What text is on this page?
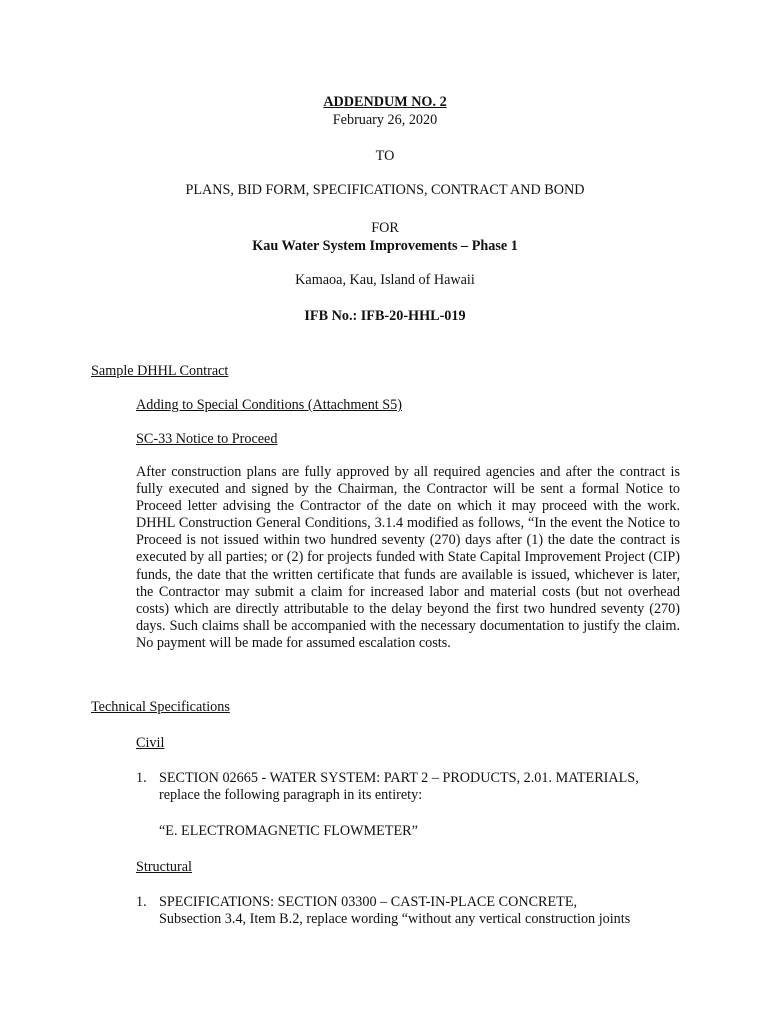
ADDENDUM NO. 2

February 26, 2020

TO

PLANS, BID FORM, SPECIFICATIONS, CONTRACT AND BOND

FOR

Kau Water System Improvements – Phase 1

Kamaoa, Kau, Island of Hawaii

IFB No.: IFB-20-HHL-019

Sample DHHL Contract

Adding to Special Conditions (Attachment S5)

SC-33 Notice to Proceed

After construction plans are fully approved by all required agencies and after the contract is fully executed and signed by the Chairman, the Contractor will be sent a formal Notice to Proceed letter advising the Contractor of the date on which it may proceed with the work. DHHL Construction General Conditions, 3.1.4 modified as follows, “In the event the Notice to Proceed is not issued within two hundred seventy (270) days after (1) the date the contract is executed by all parties; or (2) for projects funded with State Capital Improvement Project (CIP) funds, the date that the written certificate that funds are available is issued, whichever is later, the Contractor may submit a claim for increased labor and material costs (but not overhead costs) which are directly attributable to the delay beyond the first two hundred seventy (270) days. Such claims shall be accompanied with the necessary documentation to justify the claim. No payment will be made for assumed escalation costs.

Technical Specifications

Civil

1. SECTION 02665 - WATER SYSTEM: PART 2 – PRODUCTS, 2.01. MATERIALS,

replace the following paragraph in its entirety:

“E. ELECTROMAGNETIC FLOWMETER”

Structural

1. SPECIFICATIONS: SECTION 03300 – CAST-IN-PLACE CONCRETE,

Subsection 3.4, Item B.2, replace wording “without any vertical construction joints
